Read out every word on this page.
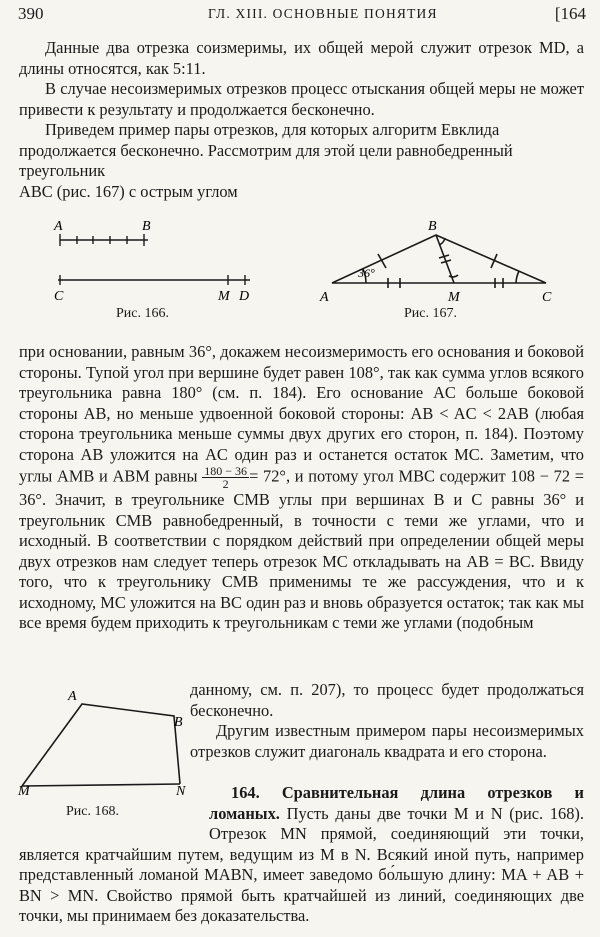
390	ГЛ. XIII. ОСНОВНЫЕ ПОНЯТИЯ	[164

Данные два отрезка соизмеримы, их общей мерой служит отрезок MD, а длины относятся, как 5:11.

В случае несоизмеримых отрезков процесс отыскания общей меры не может привести к результату и продолжается бесконечно.

Приведем пример пары отрезков, для которых алгоритм Евклида продолжается бесконечно. Рассмотрим для этой цели равнобедренный треугольник

ABC (рис. 167) с острым углом

A	B
C	M D
Рис. 166.
B
A	M	C
36°
Рис. 167.

при основании, равным 36°, докажем несоизмеримость его основания и боковой стороны. Тупой угол при вершине будет равен 108°, так как сумма углов всякого треугольника равна 180° (см. п. 184). Его основание AC больше боковой стороны AB, но меньше удвоенной боковой стороны: AB < AC < 2AB (любая сторона треугольника меньше суммы двух других его сторон, п. 184). Поэтому сторона AB уложится на AC один раз и останется остаток MC. Заметим, что углы AMB и ABM равны $\frac{180 - 36}{2} = 72^\circ$, и потому угол MBC содержит 108 − 72 = 36°. Значит, в треугольнике CMB углы при вершинах B и C равны 36° и треугольник CMB равнобедренный, в точности с теми же углами, что и исходный. В соответствии с порядком действий при определении общей меры двух отрезков нам следует теперь отрезок MC откладывать на AB = BC. Ввиду того, что к треугольнику CMB применимы те же рассуждения, что и к исходному, MC уложится на BC один раз и вновь образуется остаток; так как мы все время будем приходить к треугольникам с теми же углами (подобным

A
B
M	N
Рис. 168.

данному, см. п. 207), то процесс будет продолжаться бесконечно.

Другим известным примером пары несоизмеримых отрезков служит диагональ квадрата и его сторона.

164. Сравнительная длина отрезков и ломаных. Пусть даны две точки M и N (рис. 168). Отрезок MN прямой, соединяющий эти точки, является кратчайшим путем, ведущим из M в N. Всякий иной путь, например представленный ломаной MABN, имеет заведомо бо́льшую длину: MA + AB + BN > MN. Свойство прямой быть кратчайшей из линий, соединяющих две точки, мы принимаем без доказательства.
